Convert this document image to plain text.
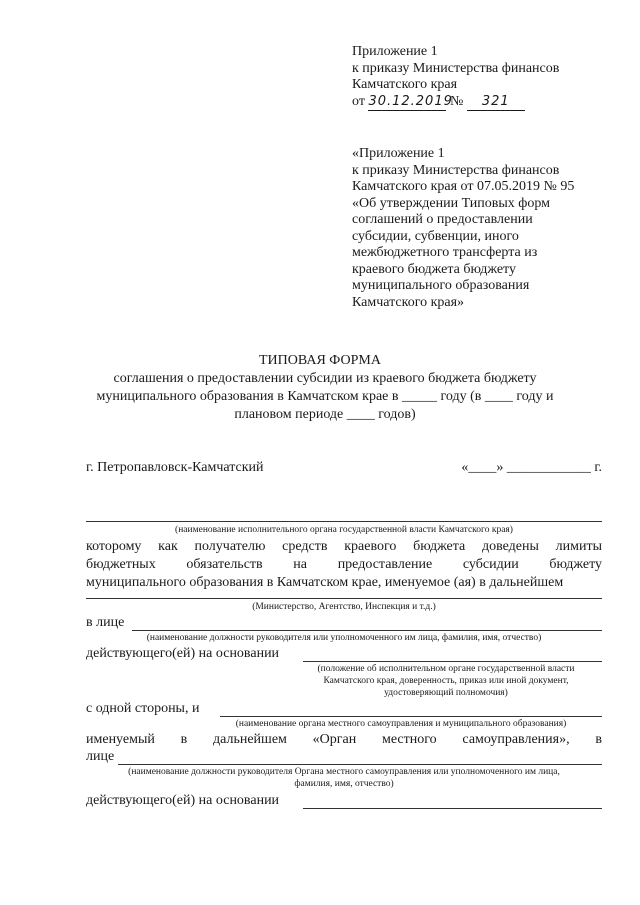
Приложение 1
к приказу Министерства финансов
Камчатского края
от 30.12.2019 № 321
«Приложение 1
к приказу Министерства финансов
Камчатского края от 07.05.2019 № 95
«Об утверждении Типовых форм
соглашений о предоставлении
субсидии, субвенции, иного
межбюджетного трансферта из
краевого бюджета бюджету
муниципального образования
Камчатского края»
ТИПОВАЯ ФОРМА
соглашения о предоставлении субсидии из краевого бюджета бюджету
муниципального образования в Камчатском крае в _____ году (в ____ году и
плановом периоде ____ годов)
г. Петропавловск-Камчатский	«____» ____________ г.
(наименование исполнительного органа государственной власти Камчатского края)
которому как получателю средств краевого бюджета доведены лимиты
бюджетных обязательств на предоставление субсидии бюджету
муниципального образования в Камчатском крае, именуемое (ая) в дальнейшем
(Министерство, Агентство, Инспекция и т.д.)
в лице
(наименование должности руководителя или уполномоченного им лица, фамилия, имя, отчество)
действующего(ей) на основании
(положение об исполнительном органе государственной власти
Камчатского края, доверенность, приказ или иной документ,
удостоверяющий полномочия)
с одной стороны, и
(наименование органа местного самоуправления и муниципального образования)
именуемый в дальнейшем «Орган местного самоуправления», в
лице
(наименование должности руководителя Органа местного самоуправления или уполномоченного им лица,
фамилия, имя, отчество)
действующего(ей) на основании
